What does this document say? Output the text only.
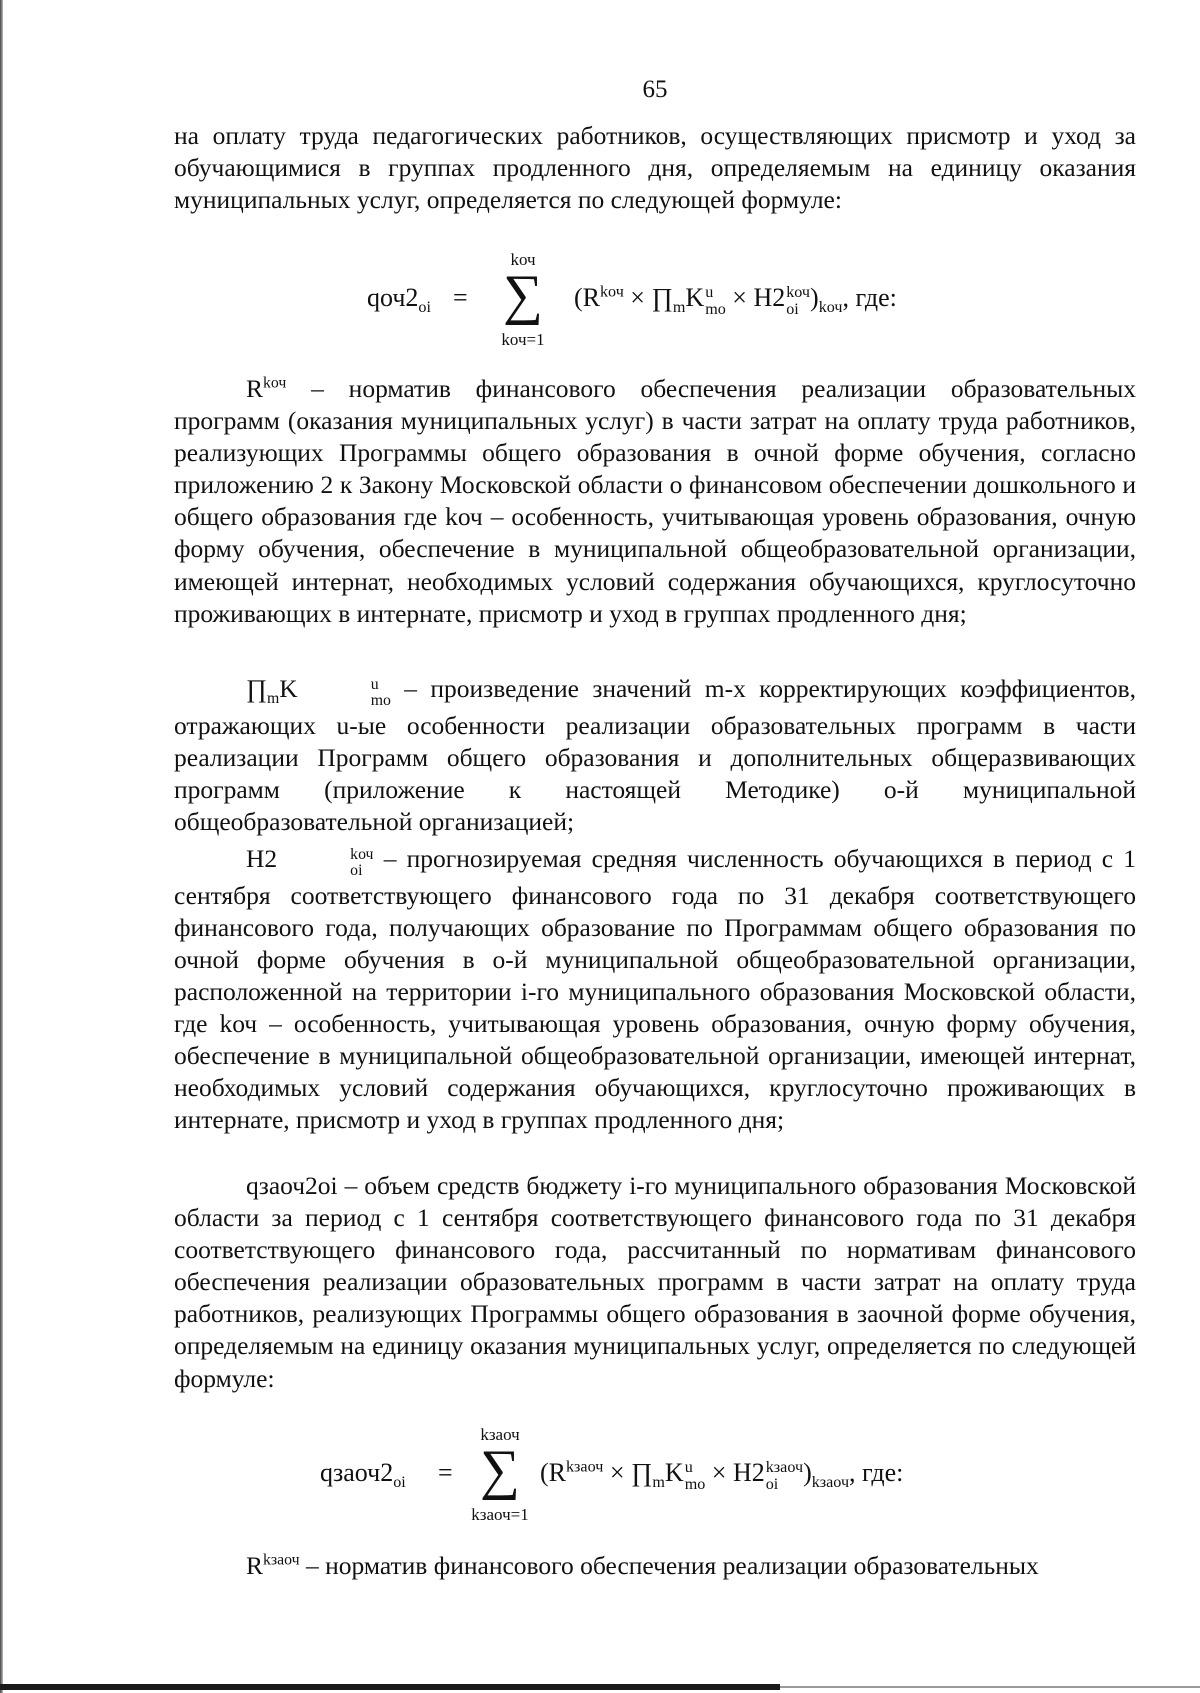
65
на оплату труда педагогических работников, осуществляющих присмотр и уход за обучающимися в группах продленного дня, определяемым на единицу оказания муниципальных услуг, определяется по следующей формуле:
$qоч2_{oi}$ =
kоч
∑
kоч=1
($R^{kоч}$ × $\prod_mK$ u
mo × H2 kоч
oi )$_{kоч}$, где:
$R^{kоч}$ – норматив финансового обеспечения реализации образовательных программ (оказания муниципальных услуг) в части затрат на оплату труда работников, реализующих Программы общего образования в очной форме обучения, согласно приложению 2 к Закону Московской области о финансовом обеспечении дошкольного и общего образования где kоч – особенность, учитывающая уровень образования, очную форму обучения, обеспечение в муниципальной общеобразовательной организации, имеющей интернат, необходимых условий содержания обучающихся, круглосуточно проживающих в интернате, присмотр и уход в группах продленного дня;
$\prod_mK$	u
mo – произведение значений m-х корректирующих коэффициентов, отражающих u-ые особенности реализации образовательных программ в части реализации Программ общего образования и дополнительных общеразвивающих программ (приложение к настоящей Методике) о-й муниципальной общеобразовательной организацией;
H2	kоч
oi – прогнозируемая средняя численность обучающихся в период с 1 сентября соответствующего финансового года по 31 декабря соответствующего финансового года, получающих образование по Программам общего образования по очной форме обучения в о-й муниципальной общеобразовательной организации, расположенной на территории i-го муниципального образования Московской области, где kоч – особенность, учитывающая уровень образования, очную форму обучения, обеспечение в муниципальной общеобразовательной организации, имеющей интернат, необходимых условий содержания обучающихся, круглосуточно проживающих в интернате, присмотр и уход в группах продленного дня;
qзаоч2oi – объем средств бюджету i-го муниципального образования Московской области за период с 1 сентября соответствующего финансового года по 31 декабря соответствующего финансового года, рассчитанный по нормативам финансового обеспечения реализации образовательных программ в части затрат на оплату труда работников, реализующих Программы общего образования в заочной форме обучения, определяемым на единицу оказания муниципальных услуг, определяется по следующей формуле:
$qзаоч2_{oi}$ =
kзаоч
∑
kзаоч=1
($R^{kзаоч}$ × $\prod_mK$ u
mo × H2 kзаоч
oi )$_{kзаоч}$, где:
$R^{kзаоч}$ – норматив финансового обеспечения реализации образовательных
